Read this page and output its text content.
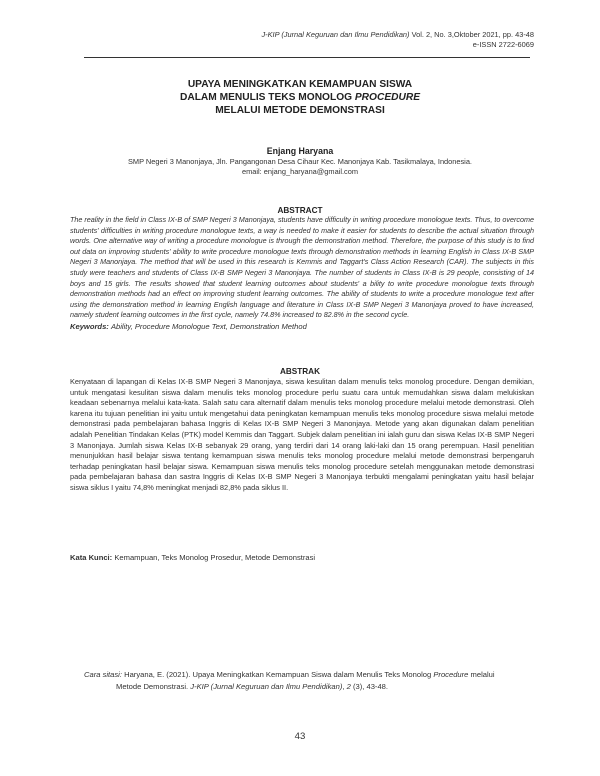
J-KIP (Jurnal Keguruan dan Ilmu Pendidikan) Vol. 2, No. 3,Oktober 2021, pp. 43-48
e-ISSN 2722-6069
UPAYA MENINGKATKAN KEMAMPUAN SISWA
DALAM MENULIS TEKS MONOLOG PROCEDURE
MELALUI METODE DEMONSTRASI
Enjang Haryana
SMP Negeri 3 Manonjaya, Jln. Pangangonan Desa Cihaur Kec. Manonjaya Kab. Tasikmalaya, Indonesia.
email: enjang_haryana@gmail.com
ABSTRACT
The reality in the field in Class IX-B of SMP Negeri 3 Manonjaya, students have difficulty in writing procedure monologue texts. Thus, to overcome students' difficulties in writing procedure monologue texts, a way is needed to make it easier for students to describe the actual situation through words. One alternative way of writing a procedure monologue is through the demonstration method. Therefore, the purpose of this study is to find out data on improving students' ability to write procedure monologue texts through demonstration methods in learning English in Class IX-B SMP Negeri 3 Manonjaya. The method that will be used in this research is Kemmis and Taggart's Class Action Research (CAR). The subjects in this study were teachers and students of Class IX-B SMP Negeri 3 Manonjaya. The number of students in Class IX-B is 29 people, consisting of 14 boys and 15 girls. The results showed that student learning outcomes about students' a bility to write procedure monologue texts through demonstration methods had an effect on improving student learning outcomes. The ability of students to write a procedure monologue text after using the demonstration method in learning English language and literature in Class IX-B SMP Negeri 3 Manonjaya proved to have increased, namely student learning outcomes in the first cycle, namely 74.8% increased to 82.8% in the second cycle.
Keywords: Ability, Procedure Monologue Text, Demonstration Method
ABSTRAK
Kenyataan di lapangan di Kelas IX-B SMP Negeri 3 Manonjaya, siswa kesulitan dalam menulis teks monolog procedure. Dengan demikian, untuk mengatasi kesulitan siswa dalam menulis teks monolog procedure perlu suatu cara untuk memudahkan siswa dalam melukiskan keadaan sebenarnya melalui kata-kata. Salah satu cara alternatif dalam menulis teks monolog procedure melalui metode demonstrasi. Oleh karena itu tujuan penelitian ini yaitu untuk mengetahui data peningkatan kemampuan menulis teks monolog procedure siswa melalui metode demonstrasi pada pembelajaran bahasa Inggris di Kelas IX-B SMP Negeri 3 Manonjaya. Metode yang akan digunakan dalam penelitian adalah Penelitian Tindakan Kelas (PTK) model Kemmis dan Taggart. Subjek dalam penelitian ini ialah guru dan siswa Kelas IX-B SMP Negeri 3 Manonjaya. Jumlah siswa Kelas IX-B sebanyak 29 orang, yang terdiri dari 14 orang laki-laki dan 15 orang perempuan. Hasil penelitian menunjukkan hasil belajar siswa tentang kemampuan siswa menulis teks monolog procedure melalui metode demonstrasi berpengaruh terhadap peningkatan hasil belajar siswa. Kemampuan siswa menulis teks monolog procedure setelah menggunakan metode demonstrasi pada pembelajaran bahasa dan sastra Inggris di Kelas IX-B SMP Negeri 3 Manonjaya terbukti mengalami peningkatan yaitu hasil belajar siswa siklus I yaitu 74,8% meningkat menjadi 82,8% pada siklus II.
Kata Kunci: Kemampuan, Teks Monolog Prosedur, Metode Demonstrasi
Cara sitasi: Haryana, E. (2021). Upaya Meningkatkan Kemampuan Siswa dalam Menulis Teks Monolog Procedure melalui
Metode Demonstrasi. J-KIP (Jurnal Keguruan dan Ilmu Pendidikan), 2 (3), 43-48.
43
